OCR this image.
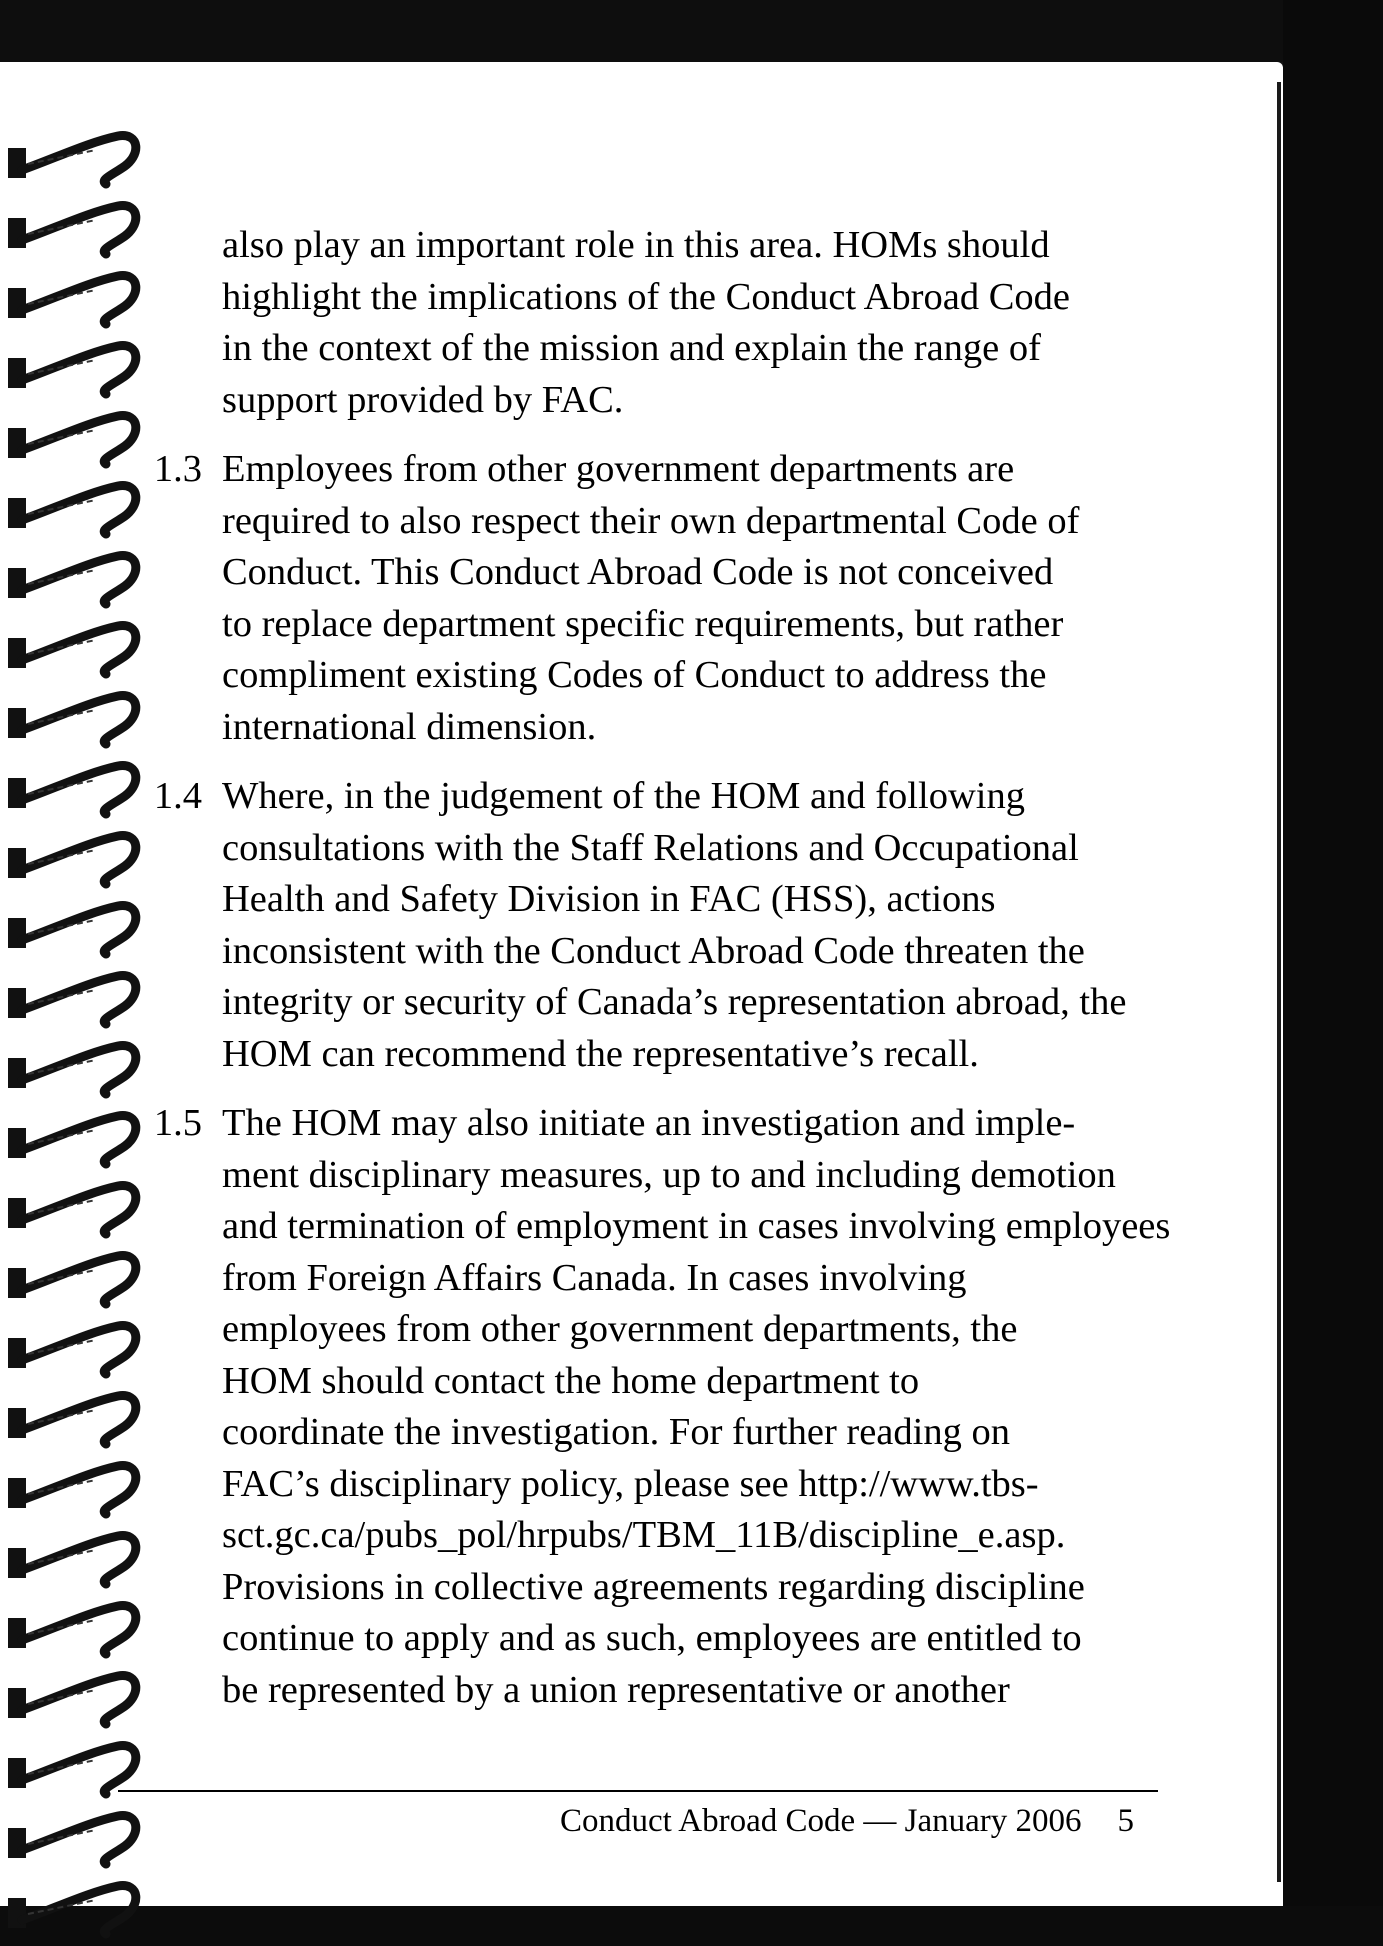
also play an important role in this area. HOMs should
highlight the implications of the Conduct Abroad Code
in the context of the mission and explain the range of
support provided by FAC.
1.3 Employees from other government departments are
required to also respect their own departmental Code of
Conduct. This Conduct Abroad Code is not conceived
to replace department specific requirements, but rather
compliment existing Codes of Conduct to address the
international dimension.
1.4 Where, in the judgement of the HOM and following
consultations with the Staff Relations and Occupational
Health and Safety Division in FAC (HSS), actions
inconsistent with the Conduct Abroad Code threaten the
integrity or security of Canada’s representation abroad, the
HOM can recommend the representative’s recall.
1.5 The HOM may also initiate an investigation and imple-
ment disciplinary measures, up to and including demotion
and termination of employment in cases involving employees
from Foreign Affairs Canada. In cases involving
employees from other government departments, the
HOM should contact the home department to
coordinate the investigation. For further reading on
FAC’s disciplinary policy, please see http://www.tbs-
sct.gc.ca/pubs_pol/hrpubs/TBM_11B/discipline_e.asp.
Provisions in collective agreements regarding discipline
continue to apply and as such, employees are entitled to
be represented by a union representative or another
Conduct Abroad Code — January 2006 5
